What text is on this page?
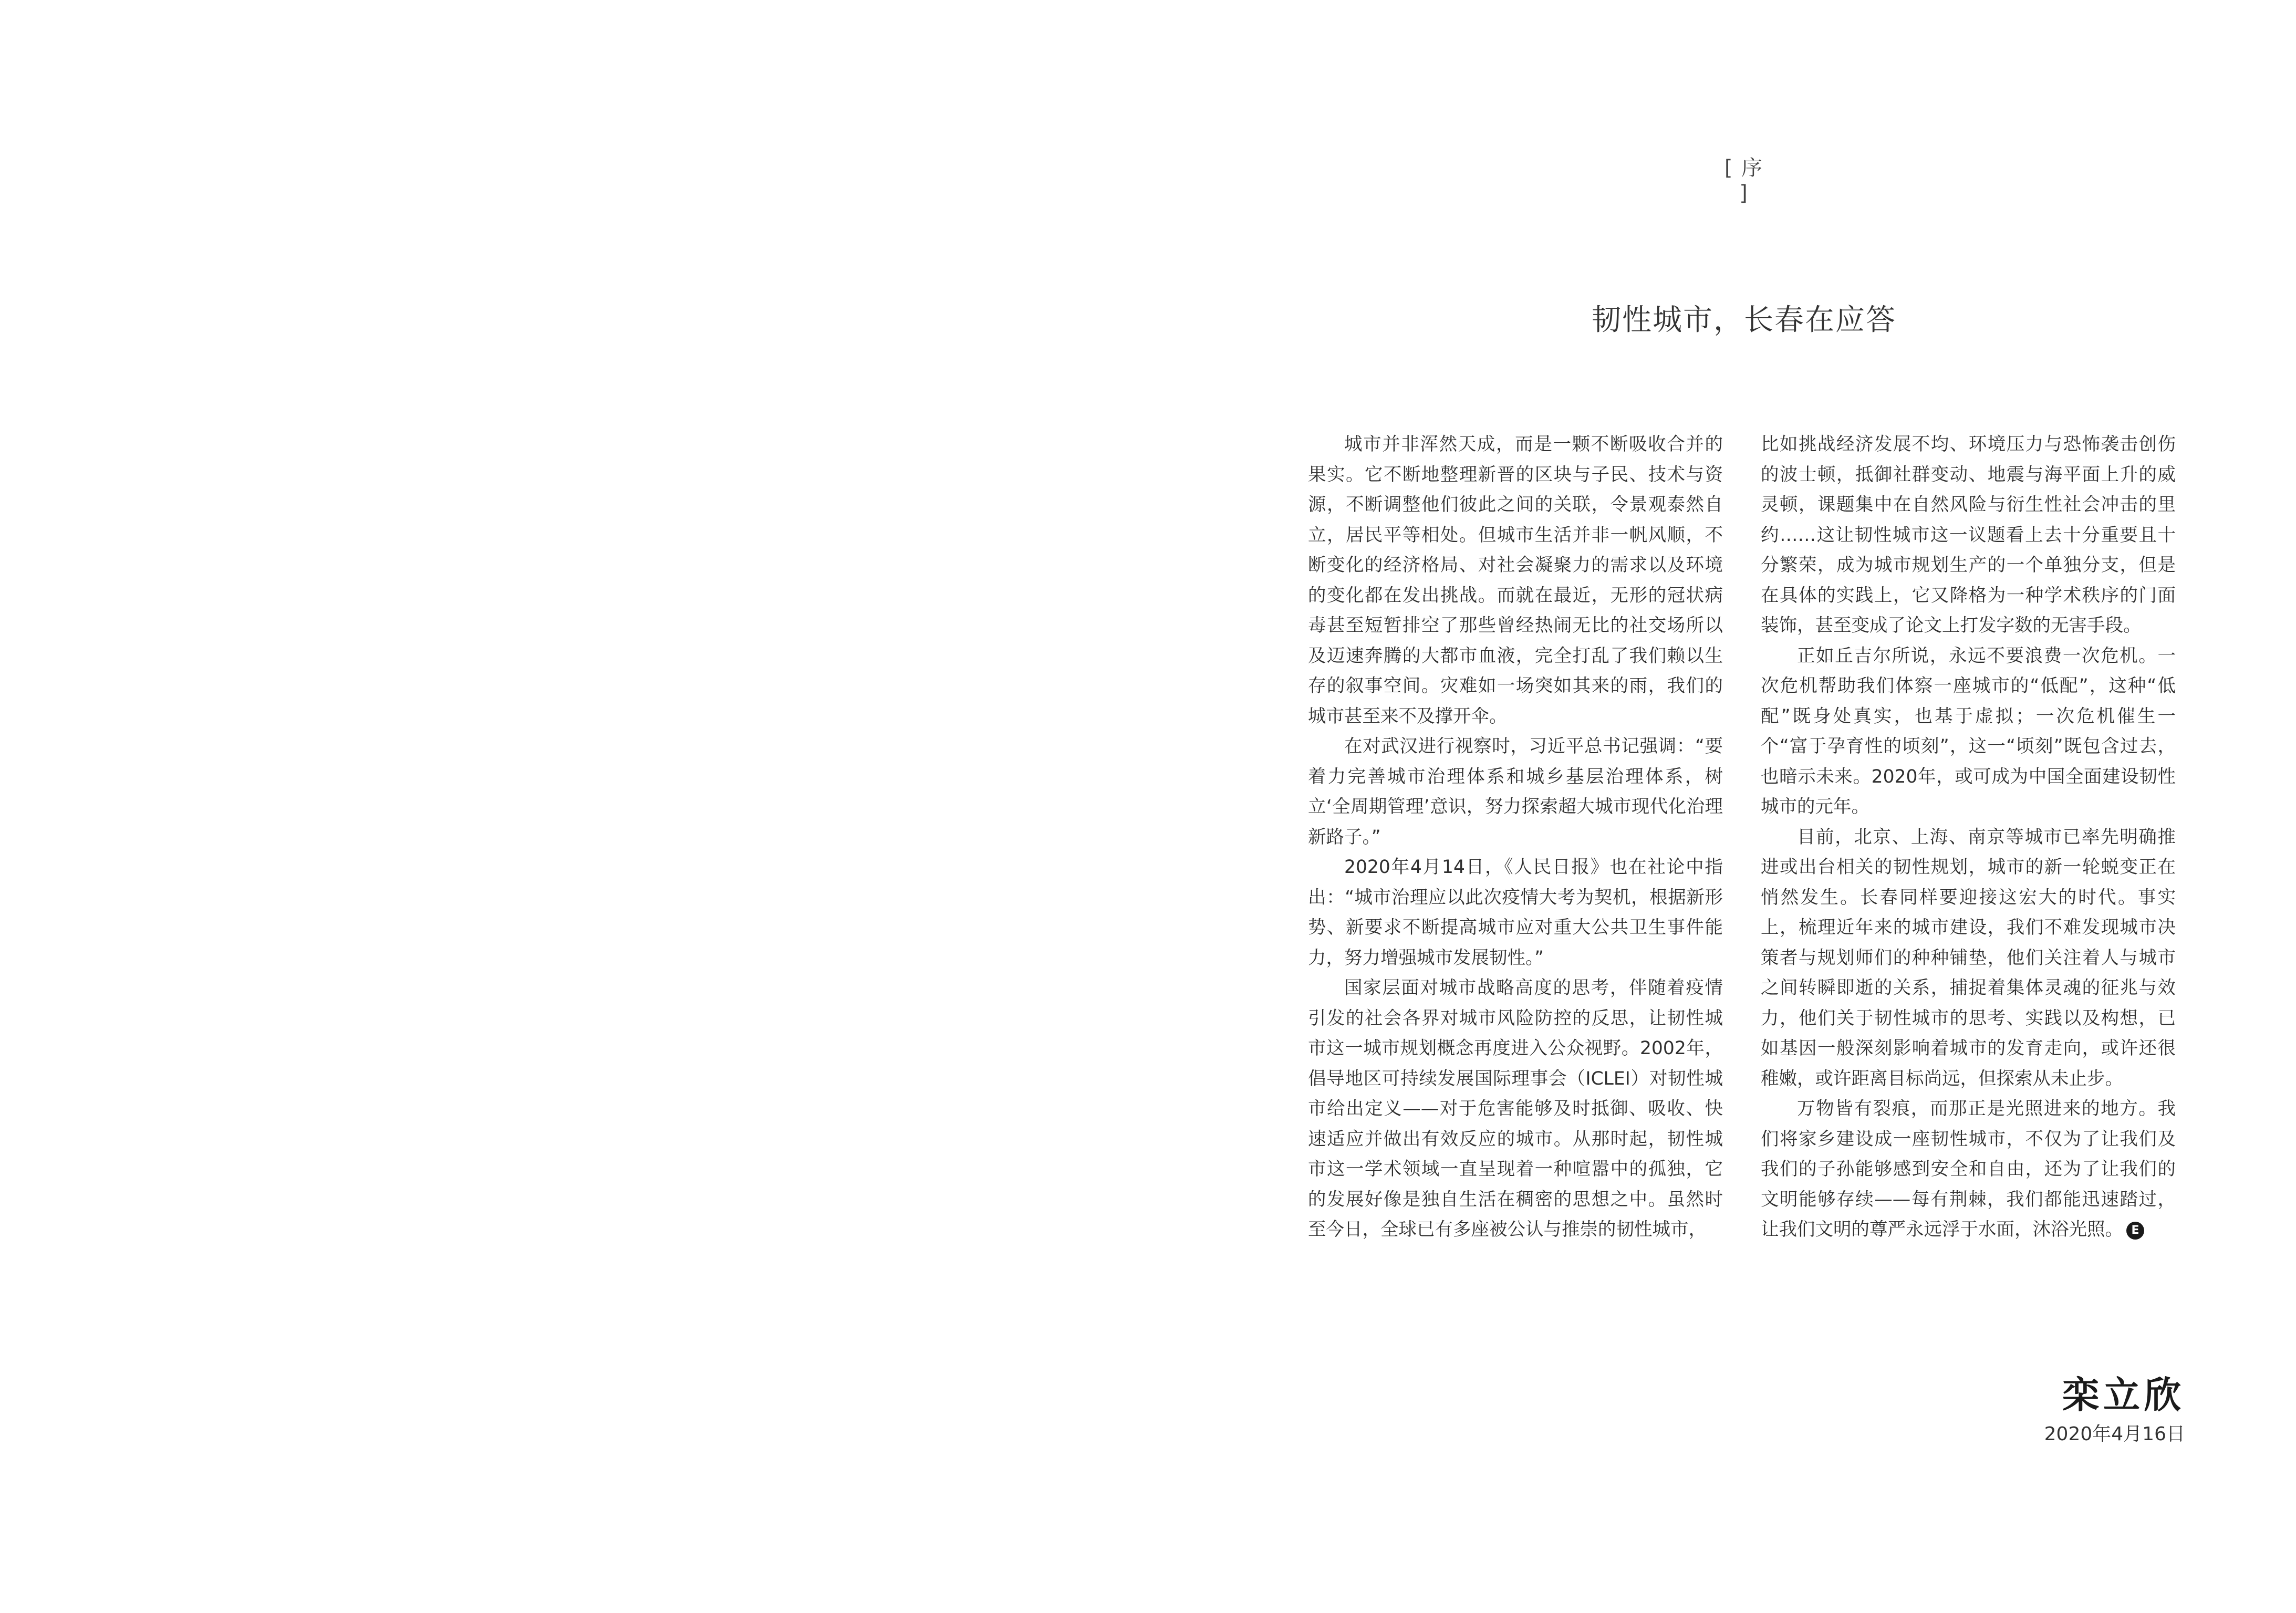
[ 序 ]
韧性城市，长春在应答

城市并非浑然天成，而是一颗不断吸收合并的果实。它不断地整理新晋的区块与子民、技术与资源，不断调整他们彼此之间的关联，令景观泰然自立，居民平等相处。但城市生活并非一帆风顺，不断变化的经济格局、对社会凝聚力的需求以及环境的变化都在发出挑战。而就在最近，无形的冠状病毒甚至短暂排空了那些曾经热闹无比的社交场所以及迈速奔腾的大都市血液，完全打乱了我们赖以生存的叙事空间。灾难如一场突如其来的雨，我们的城市甚至来不及撑开伞。

在对武汉进行视察时，习近平总书记强调：“要着力完善城市治理体系和城乡基层治理体系，树立‘全周期管理’意识，努力探索超大城市现代化治理新路子。”

2020年4月14日，《人民日报》也在社论中指出：“城市治理应以此次疫情大考为契机，根据新形势、新要求不断提高城市应对重大公共卫生事件能力，努力增强城市发展韧性。”

国家层面对城市战略高度的思考，伴随着疫情引发的社会各界对城市风险防控的反思，让韧性城市这一城市规划概念再度进入公众视野。2002年，倡导地区可持续发展国际理事会（ICLEI）对韧性城市给出定义——对于危害能够及时抵御、吸收、快速适应并做出有效反应的城市。从那时起，韧性城市这一学术领域一直呈现着一种喧嚣中的孤独，它的发展好像是独自生活在稠密的思想之中。虽然时至今日，全球已有多座被公认与推崇的韧性城市，

比如挑战经济发展不均、环境压力与恐怖袭击创伤的波士顿，抵御社群变动、地震与海平面上升的威灵顿，课题集中在自然风险与衍生性社会冲击的里约……这让韧性城市这一议题看上去十分重要且十分繁荣，成为城市规划生产的一个单独分支，但是在具体的实践上，它又降格为一种学术秩序的门面装饰，甚至变成了论文上打发字数的无害手段。

正如丘吉尔所说，永远不要浪费一次危机。一次危机帮助我们体察一座城市的“低配”，这种“低配”既身处真实，也基于虚拟；一次危机催生一个“富于孕育性的顷刻”，这一“顷刻”既包含过去，也暗示未来。2020年，或可成为中国全面建设韧性城市的元年。

目前，北京、上海、南京等城市已率先明确推进或出台相关的韧性规划，城市的新一轮蜕变正在悄然发生。长春同样要迎接这宏大的时代。事实上，梳理近年来的城市建设，我们不难发现城市决策者与规划师们的种种铺垫，他们关注着人与城市之间转瞬即逝的关系，捕捉着集体灵魂的征兆与效力，他们关于韧性城市的思考、实践以及构想，已如基因一般深刻影响着城市的发育走向，或许还很稚嫩，或许距离目标尚远，但探索从未止步。

万物皆有裂痕，而那正是光照进来的地方。我们将家乡建设成一座韧性城市，不仅为了让我们及我们的子孙能够感到安全和自由，还为了让我们的文明能够存续——每有荆棘，我们都能迅速踏过，让我们文明的尊严永远浮于水面，沐浴光照。 E

栾立欣
2020年4月16日
